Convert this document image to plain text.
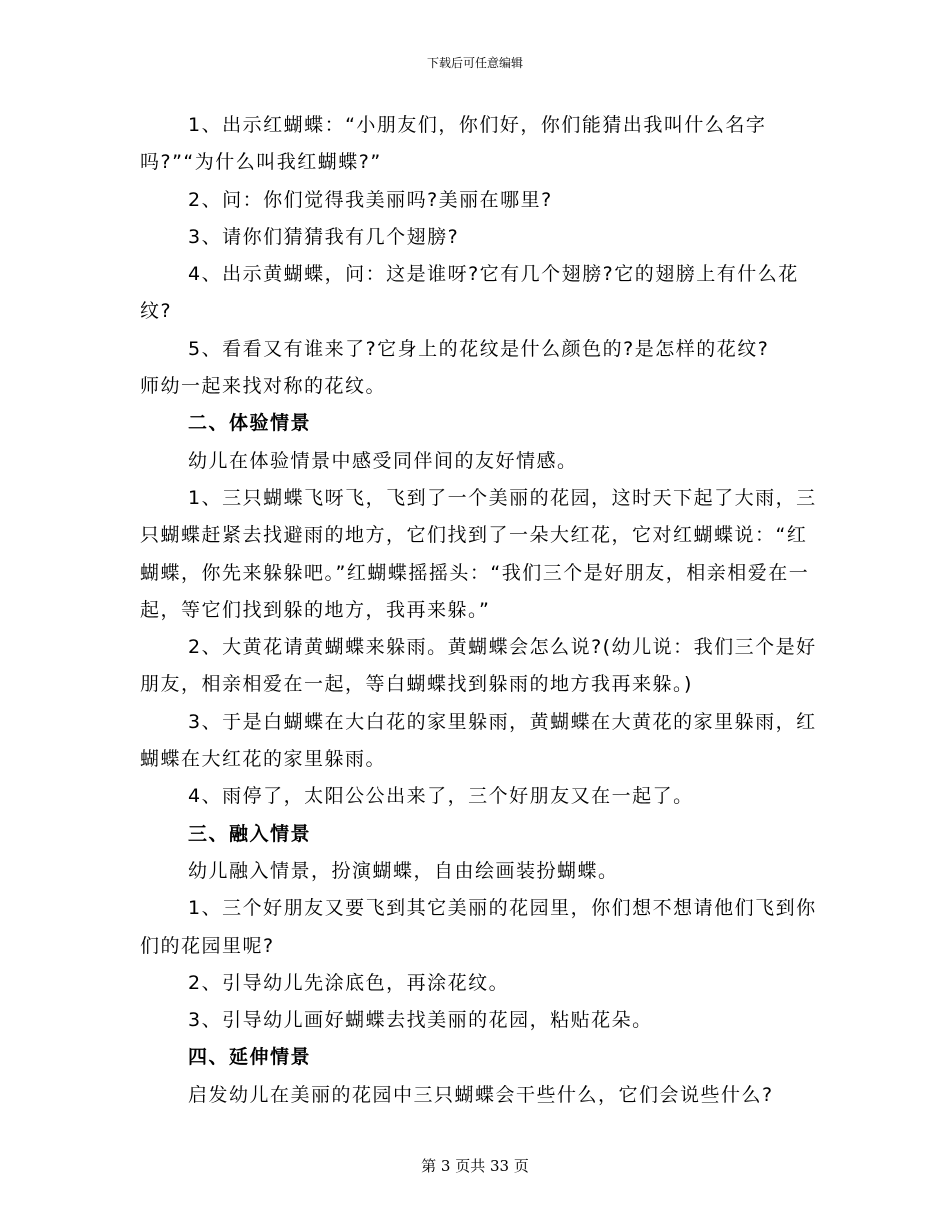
下载后可任意编辑

1、出示红蝴蝶：“小朋友们，你们好，你们能猜出我叫什么名字吗?”“为什么叫我红蝴蝶?”

2、问：你们觉得我美丽吗?美丽在哪里?

3、请你们猜猜我有几个翅膀?

4、出示黄蝴蝶，问：这是谁呀?它有几个翅膀?它的翅膀上有什么花纹?

5、看看又有谁来了?它身上的花纹是什么颜色的?是怎样的花纹?

师幼一起来找对称的花纹。

二、体验情景

幼儿在体验情景中感受同伴间的友好情感。

1、三只蝴蝶飞呀飞，飞到了一个美丽的花园，这时天下起了大雨，三只蝴蝶赶紧去找避雨的地方，它们找到了一朵大红花，它对红蝴蝶说：“红蝴蝶，你先来躲躲吧。”红蝴蝶摇摇头：“我们三个是好朋友，相亲相爱在一起，等它们找到躲的地方，我再来躲。”

2、大黄花请黄蝴蝶来躲雨。黄蝴蝶会怎么说?(幼儿说：我们三个是好朋友，相亲相爱在一起，等白蝴蝶找到躲雨的地方我再来躲。)

3、于是白蝴蝶在大白花的家里躲雨，黄蝴蝶在大黄花的家里躲雨，红蝴蝶在大红花的家里躲雨。

4、雨停了，太阳公公出来了，三个好朋友又在一起了。

三、融入情景

幼儿融入情景，扮演蝴蝶，自由绘画装扮蝴蝶。

1、三个好朋友又要飞到其它美丽的花园里，你们想不想请他们飞到你们的花园里呢?

2、引导幼儿先涂底色，再涂花纹。

3、引导幼儿画好蝴蝶去找美丽的花园，粘贴花朵。

四、延伸情景

启发幼儿在美丽的花园中三只蝴蝶会干些什么，它们会说些什么?

第 3 页共 33 页
